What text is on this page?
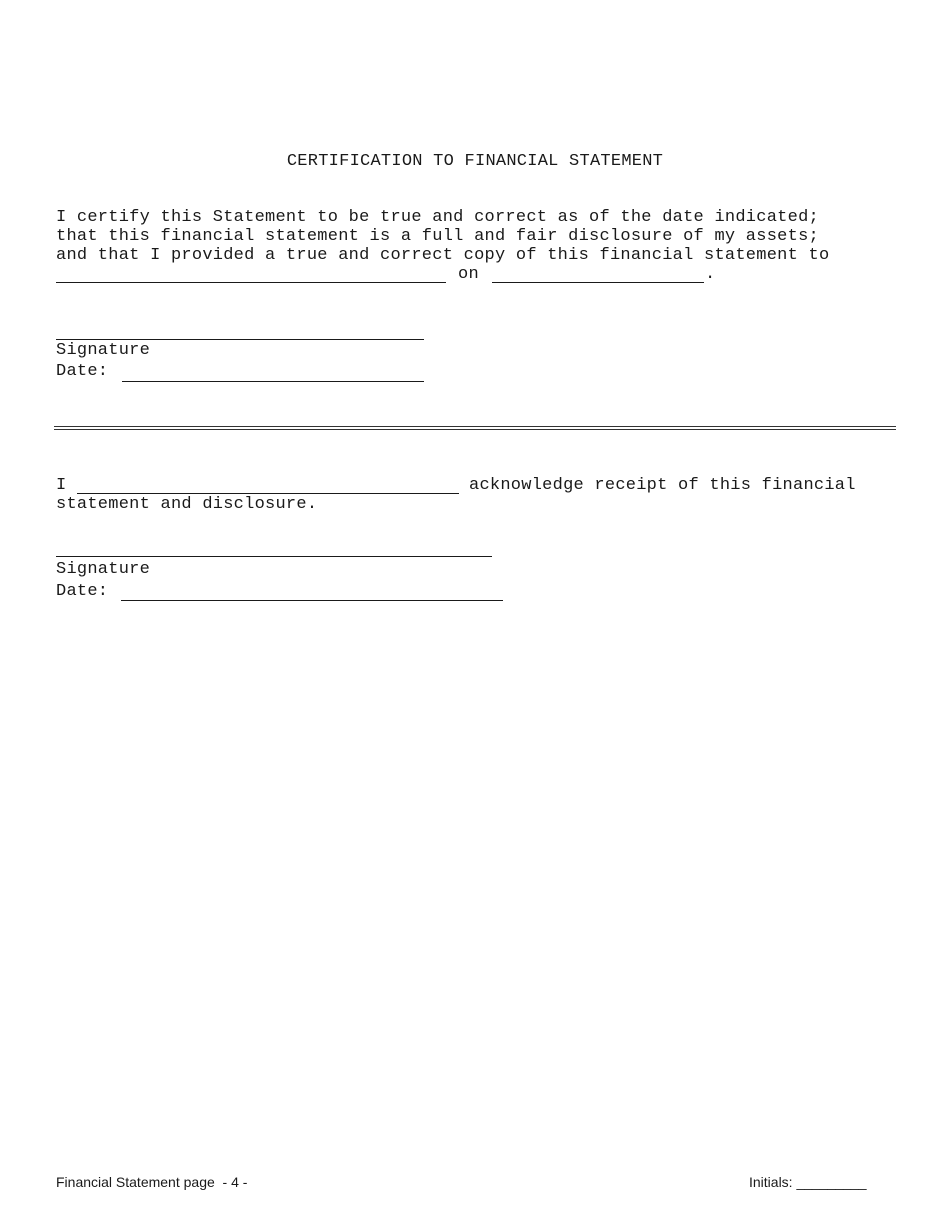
CERTIFICATION TO FINANCIAL STATEMENT
I certify this Statement to be true and correct as of the date indicated;
that this financial statement is a full and fair disclosure of my assets;
and that I provided a true and correct copy of this financial statement to
on	.
Signature
Date:
I	acknowledge receipt of this financial
statement and disclosure.
Signature
Date:
Financial Statement page  - 4 -	Initials: _________
